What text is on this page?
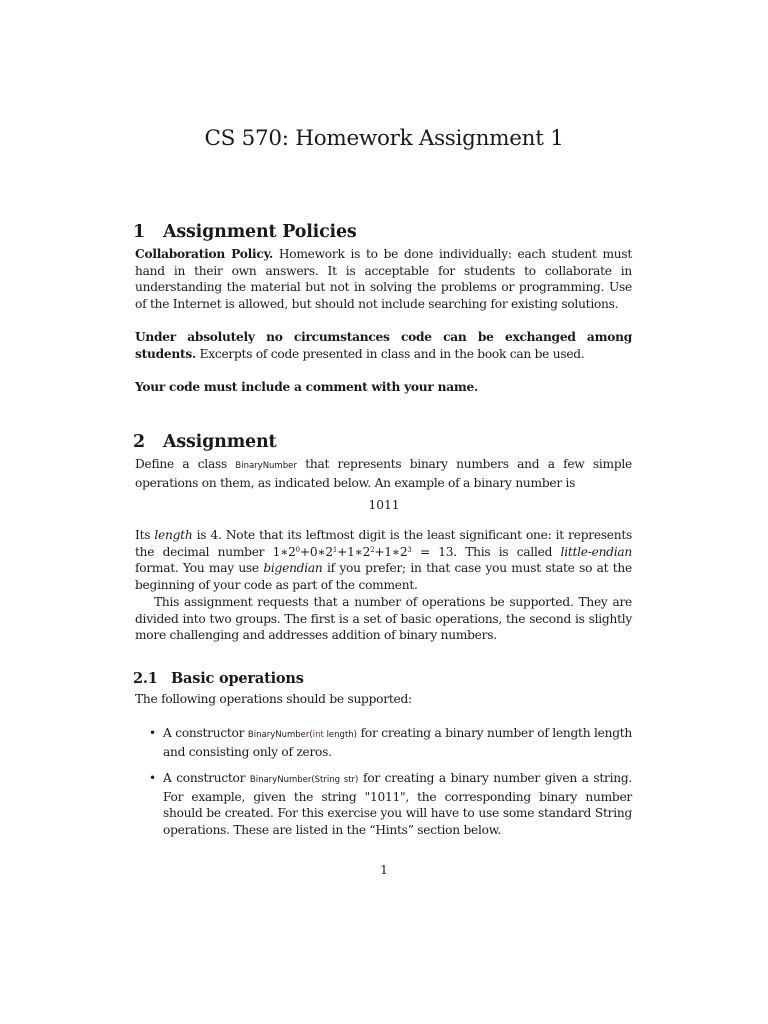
CS 570: Homework Assignment 1
1 Assignment Policies
Collaboration Policy. Homework is to be done individually: each student must hand in their own answers. It is acceptable for students to collaborate in understanding the material but not in solving the problems or programming. Use of the Internet is allowed, but should not include searching for existing solutions.
Under absolutely no circumstances code can be exchanged among students. Excerpts of code presented in class and in the book can be used.
Your code must include a comment with your name.
2 Assignment
Define a class BinaryNumber that represents binary numbers and a few simple operations on them, as indicated below. An example of a binary number is
1011
Its length is 4. Note that its leftmost digit is the least significant one: it represents the decimal number $1∗2^0+0∗2^1+1∗2^2+1∗2^3 = 13$. This is called little-endian format. You may use bigendian if you prefer; in that case you must state so at the beginning of your code as part of the comment.
This assignment requests that a number of operations be supported. They are divided into two groups. The first is a set of basic operations, the second is slightly more challenging and addresses addition of binary numbers.
2.1 Basic operations
The following operations should be supported:
• A constructor BinaryNumber(int length) for creating a binary number of length length and consisting only of zeros.
• A constructor BinaryNumber(String str) for creating a binary number given a string. For example, given the string "1011", the corresponding binary number should be created. For this exercise you will have to use some standard String operations. These are listed in the “Hints” section below.
1
